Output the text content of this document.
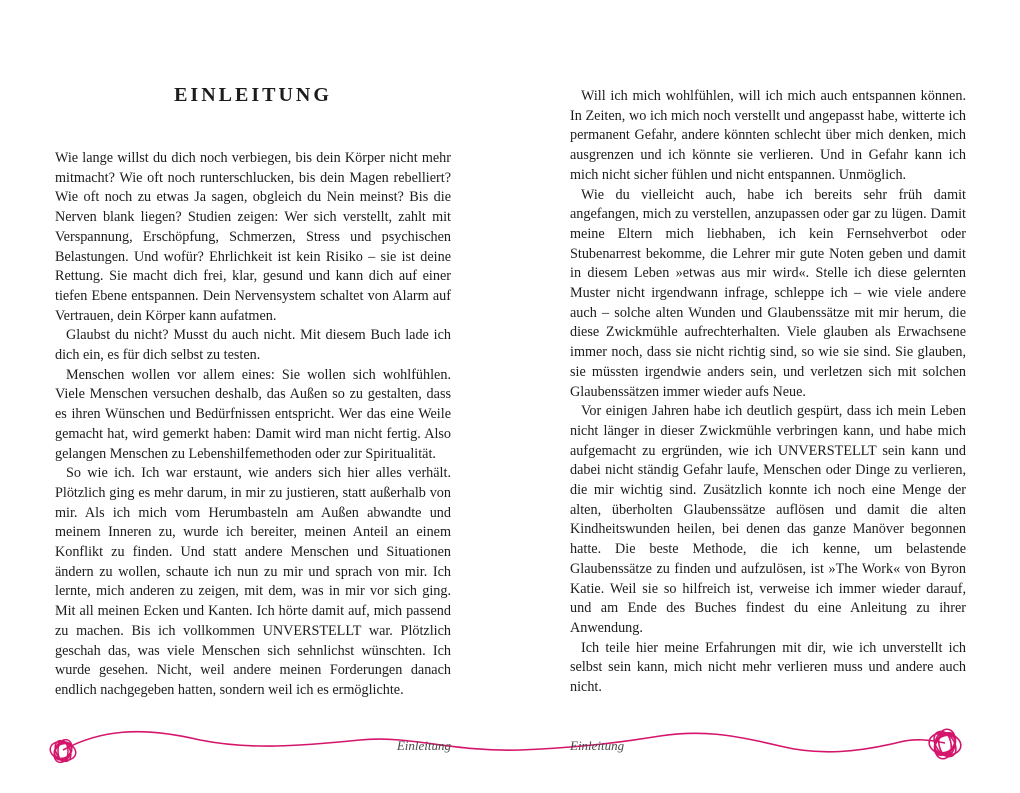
EINLEITUNG

Wie lange willst du dich noch verbiegen, bis dein Körper nicht mehr mitmacht? Wie oft noch runterschlucken, bis dein Magen rebelliert? Wie oft noch zu etwas Ja sagen, obgleich du Nein meinst? Bis die Nerven blank liegen? Studien zeigen: Wer sich verstellt, zahlt mit Verspannung, Erschöpfung, Schmerzen, Stress und psychischen Belastungen. Und wofür? Ehrlichkeit ist kein Risiko – sie ist deine Rettung. Sie macht dich frei, klar, gesund und kann dich auf einer tiefen Ebene entspannen. Dein Nervensystem schaltet von Alarm auf Vertrauen, dein Körper kann aufatmen.

Glaubst du nicht? Musst du auch nicht. Mit diesem Buch lade ich dich ein, es für dich selbst zu testen.

Menschen wollen vor allem eines: Sie wollen sich wohlfühlen. Viele Menschen versuchen deshalb, das Außen so zu gestalten, dass es ihren Wünschen und Bedürfnissen entspricht. Wer das eine Weile gemacht hat, wird gemerkt haben: Damit wird man nicht fertig. Also gelangen Menschen zu Lebenshilfemethoden oder zur Spiritualität.

So wie ich. Ich war erstaunt, wie anders sich hier alles verhält. Plötzlich ging es mehr darum, in mir zu justieren, statt außerhalb von mir. Als ich mich vom Herumbasteln am Außen abwandte und meinem Inneren zu, wurde ich bereiter, meinen Anteil an einem Konflikt zu finden. Und statt andere Menschen und Situationen ändern zu wollen, schaute ich nun zu mir und sprach von mir. Ich lernte, mich anderen zu zeigen, mit dem, was in mir vor sich ging. Mit all meinen Ecken und Kanten. Ich hörte damit auf, mich passend zu machen. Bis ich vollkommen UNVERSTELLT war. Plötzlich geschah das, was viele Menschen sich sehnlichst wünschten. Ich wurde gesehen. Nicht, weil andere meinen Forderungen danach endlich nachgegeben hatten, sondern weil ich es ermöglichte.

Will ich mich wohlfühlen, will ich mich auch entspannen können. In Zeiten, wo ich mich noch verstellt und angepasst habe, witterte ich permanent Gefahr, andere könnten schlecht über mich denken, mich ausgrenzen und ich könnte sie verlieren. Und in Gefahr kann ich mich nicht sicher fühlen und nicht entspannen. Unmöglich.

Wie du vielleicht auch, habe ich bereits sehr früh damit angefangen, mich zu verstellen, anzupassen oder gar zu lügen. Damit meine Eltern mich liebhaben, ich kein Fernsehverbot oder Stubenarrest bekomme, die Lehrer mir gute Noten geben und damit in diesem Leben »etwas aus mir wird«. Stelle ich diese gelernten Muster nicht irgendwann infrage, schleppe ich – wie viele andere auch – solche alten Wunden und Glaubenssätze mit mir herum, die diese Zwickmühle aufrechterhalten. Viele glauben als Erwachsene immer noch, dass sie nicht richtig sind, so wie sie sind. Sie glauben, sie müssten irgendwie anders sein, und verletzen sich mit solchen Glaubenssätzen immer wieder aufs Neue.

Vor einigen Jahren habe ich deutlich gespürt, dass ich mein Leben nicht länger in dieser Zwickmühle verbringen kann, und habe mich aufgemacht zu ergründen, wie ich UNVERSTELLT sein kann und dabei nicht ständig Gefahr laufe, Menschen oder Dinge zu verlieren, die mir wichtig sind. Zusätzlich konnte ich noch eine Menge der alten, überholten Glaubenssätze auflösen und damit die alten Kindheitswunden heilen, bei denen das ganze Manöver begonnen hatte. Die beste Methode, die ich kenne, um belastende Glaubenssätze zu finden und aufzulösen, ist »The Work« von Byron Katie. Weil sie so hilfreich ist, verweise ich immer wieder darauf, und am Ende des Buches findest du eine Anleitung zu ihrer Anwendung.

Ich teile hier meine Erfahrungen mit dir, wie ich unverstellt ich selbst sein kann, mich nicht mehr verlieren muss und andere auch nicht.

Einleitung	Einleitung
